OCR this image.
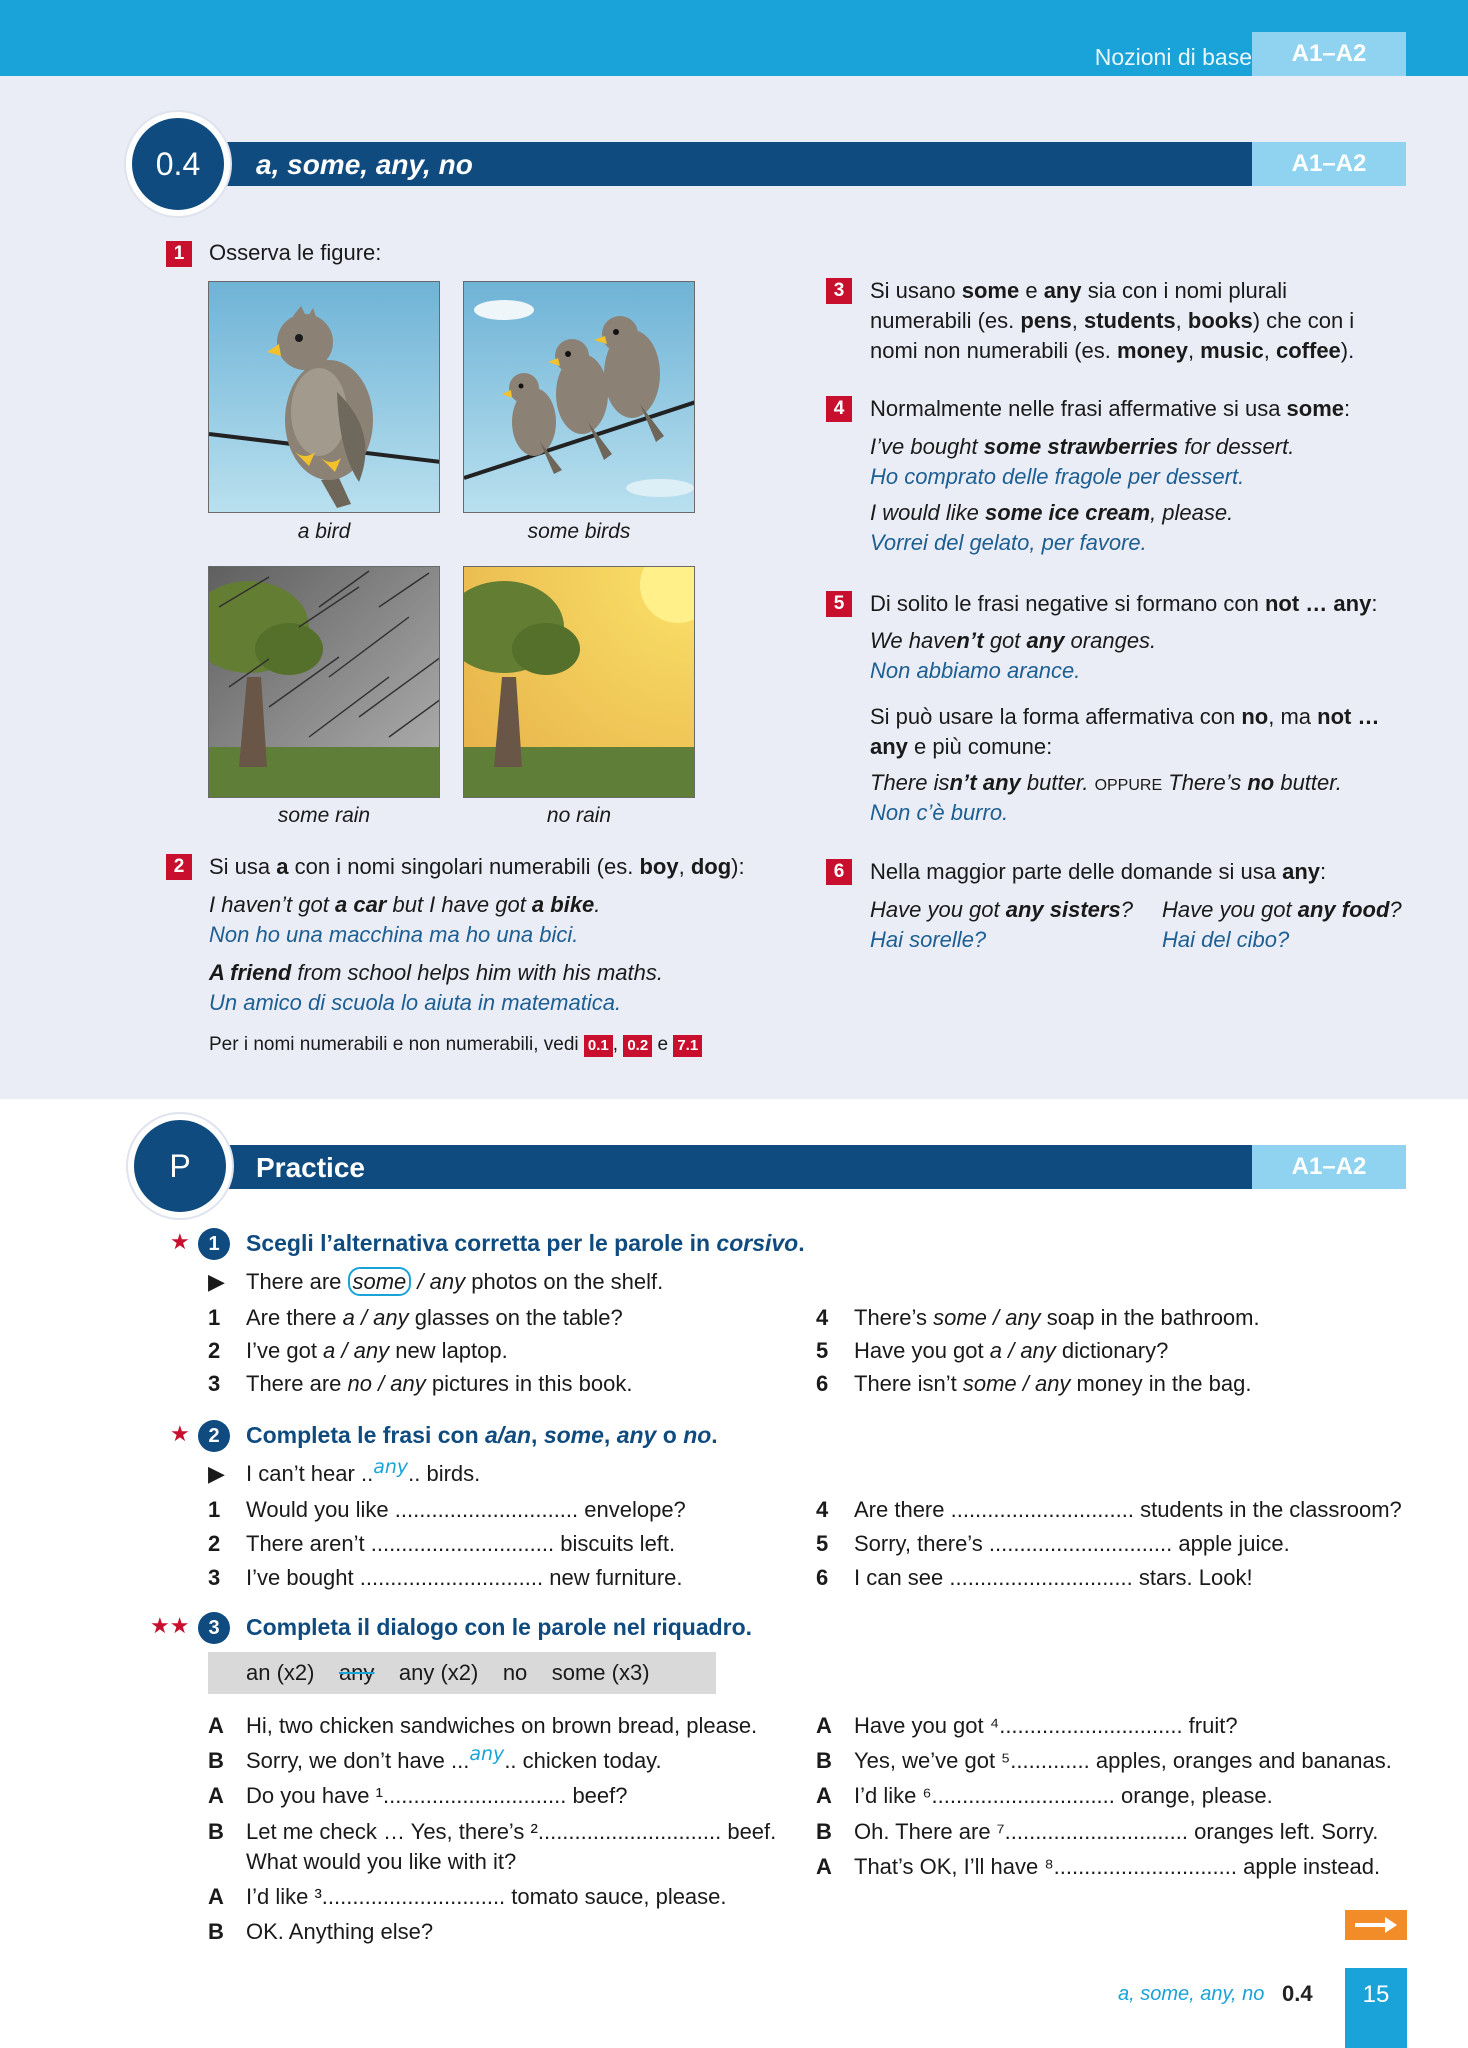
Nozioni di base	A1–A2
a, some, any, no	A1–A2
0.4
1	Osserva le figure:
a bird	some birds
some rain	no rain
2	Si usa a con i nomi singolari numerabili (es. boy, dog):
I haven’t got a car but I have got a bike.
Non ho una macchina ma ho una bici.
A friend from school helps him with his maths.
Un amico di scuola lo aiuta in matematica.
Per i nomi numerabili e non numerabili, vedi 0.1 , 0.2 e 7.1
3	Si usano some e any sia con i nomi plurali
numerabili (es. pens, students, books) che con i
nomi non numerabili (es. money, music, coffee).
4	Normalmente nelle frasi affermative si usa some:
I’ve bought some strawberries for dessert.
Ho comprato delle fragole per dessert.
I would like some ice cream, please.
Vorrei del gelato, per favore.
5	Di solito le frasi negative si formano con not … any:
We haven’t got any oranges.
Non abbiamo arance.
Si può usare la forma affermativa con no, ma not …
any e più comune:
There isn’t any butter. OPPURE There’s no butter.
Non c’è burro.
6	Nella maggior parte delle domande si usa any:
Have you got any sisters?
Hai sorelle?
Have you got any food?
Hai del cibo?
Practice	A1–A2
P
★ 1	Scegli l’alternativa corretta per le parole in corsivo.
▶ There are some / any photos on the shelf.
1 Are there a / any glasses on the table?
2 I’ve got a / any new laptop.
3 There are no / any pictures in this book.
4 There’s some / any soap in the bathroom.
5 Have you got a / any dictionary?
6 There isn’t some / any money in the bag.
★ 2	Completa le frasi con a/an, some, any o no.
▶ I can’t hear ..any.. birds.
1 Would you like .............................. envelope?
2 There aren’t .............................. biscuits left.
3 I’ve bought .............................. new furniture.
4 Are there .............................. students in the classroom?
5 Sorry, there’s .............................. apple juice.
6 I can see .............................. stars. Look!
★★ 3	Completa il dialogo con le parole nel riquadro.
an (x2) any any (x2) no some (x3)
A Hi, two chicken sandwiches on brown bread, please.
B Sorry, we don’t have ...any.. chicken today.
A Do you have ¹.............................. beef?
B Let me check … Yes, there’s ².............................. beef.
What would you like with it?
A I’d like ³.............................. tomato sauce, please.
B OK. Anything else?
A Have you got ⁴.............................. fruit?
B Yes, we’ve got ⁵............. apples, oranges and bananas.
A I’d like ⁶.............................. orange, please.
B Oh. There are ⁷.............................. oranges left. Sorry.
A That’s OK, I’ll have ⁸.............................. apple instead.
a, some, any, no 0.4	15
